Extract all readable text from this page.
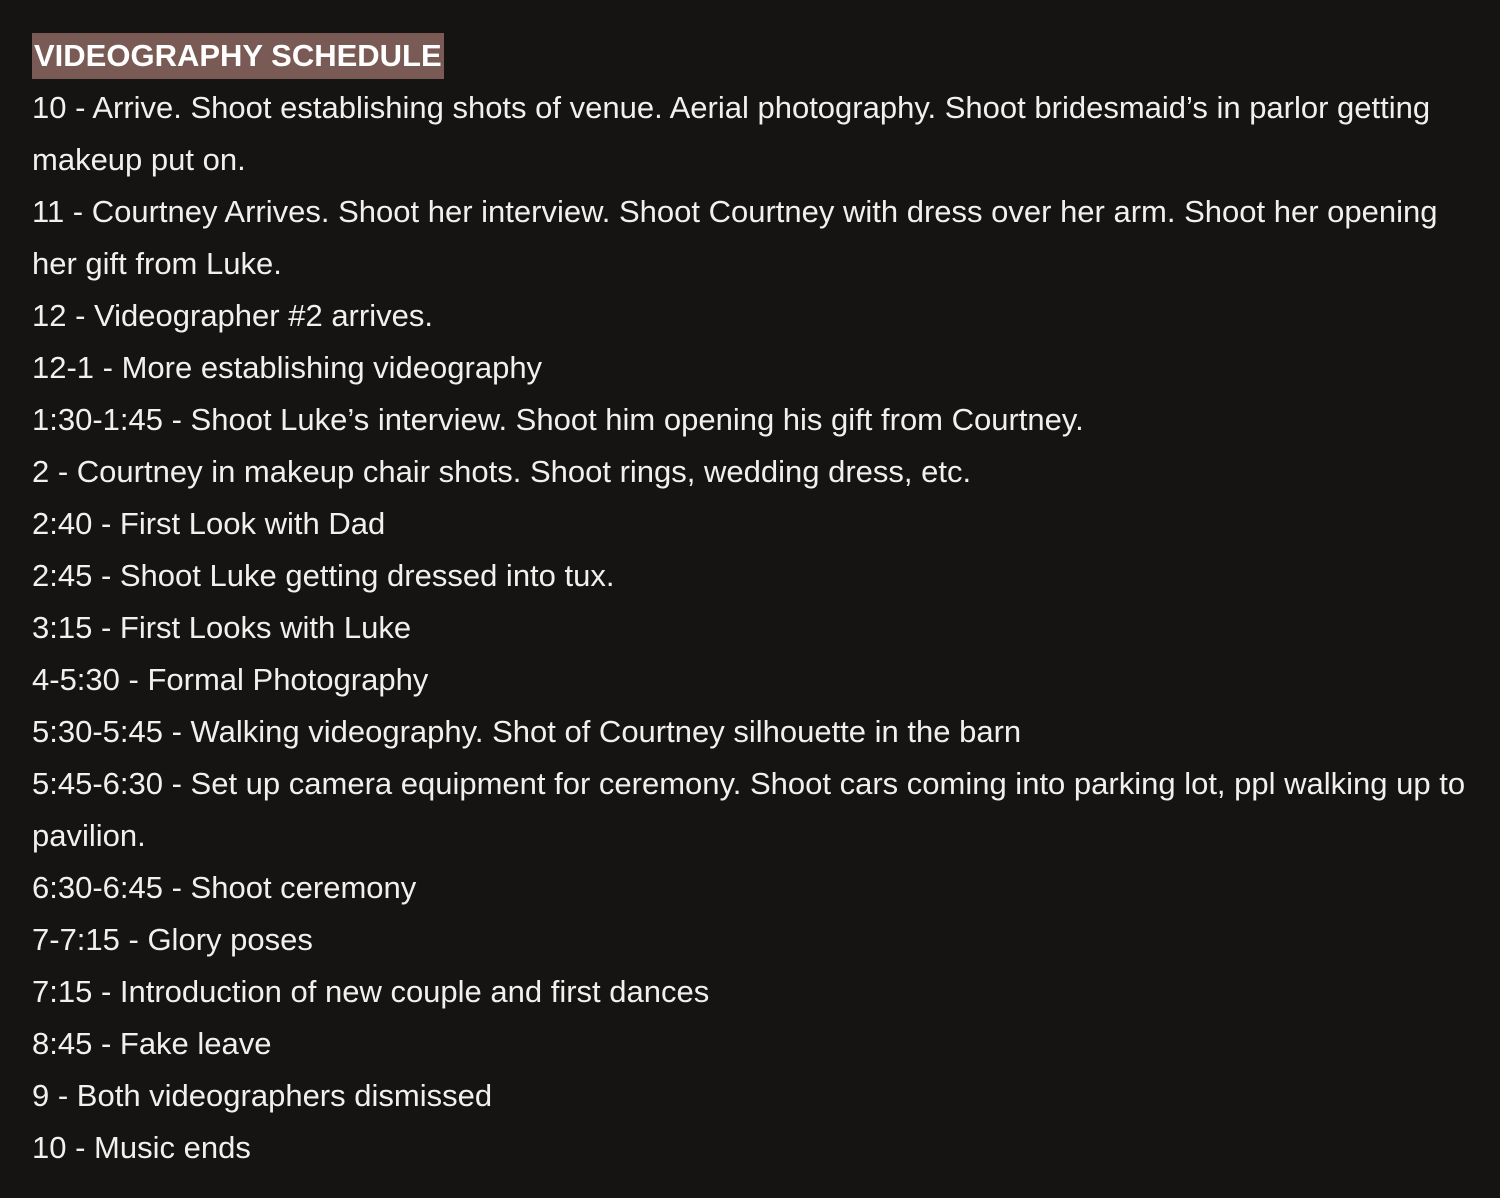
VIDEOGRAPHY SCHEDULE
10 - Arrive. Shoot establishing shots of venue. Aerial photography. Shoot bridesmaid’s in parlor getting makeup put on.
11 - Courtney Arrives. Shoot her interview. Shoot Courtney with dress over her arm. Shoot her opening her gift from Luke.
12 - Videographer #2 arrives.
12-1 - More establishing videography
1:30-1:45 - Shoot Luke’s interview. Shoot him opening his gift from Courtney.
2 - Courtney in makeup chair shots. Shoot rings, wedding dress, etc.
2:40 - First Look with Dad
2:45 - Shoot Luke getting dressed into tux.
3:15 - First Looks with Luke
4-5:30 - Formal Photography
5:30-5:45 - Walking videography. Shot of Courtney silhouette in the barn
5:45-6:30 - Set up camera equipment for ceremony. Shoot cars coming into parking lot, ppl walking up to pavilion.
6:30-6:45 - Shoot ceremony
7-7:15 - Glory poses
7:15 - Introduction of new couple and first dances
8:45 - Fake leave
9 - Both videographers dismissed
10 - Music ends
